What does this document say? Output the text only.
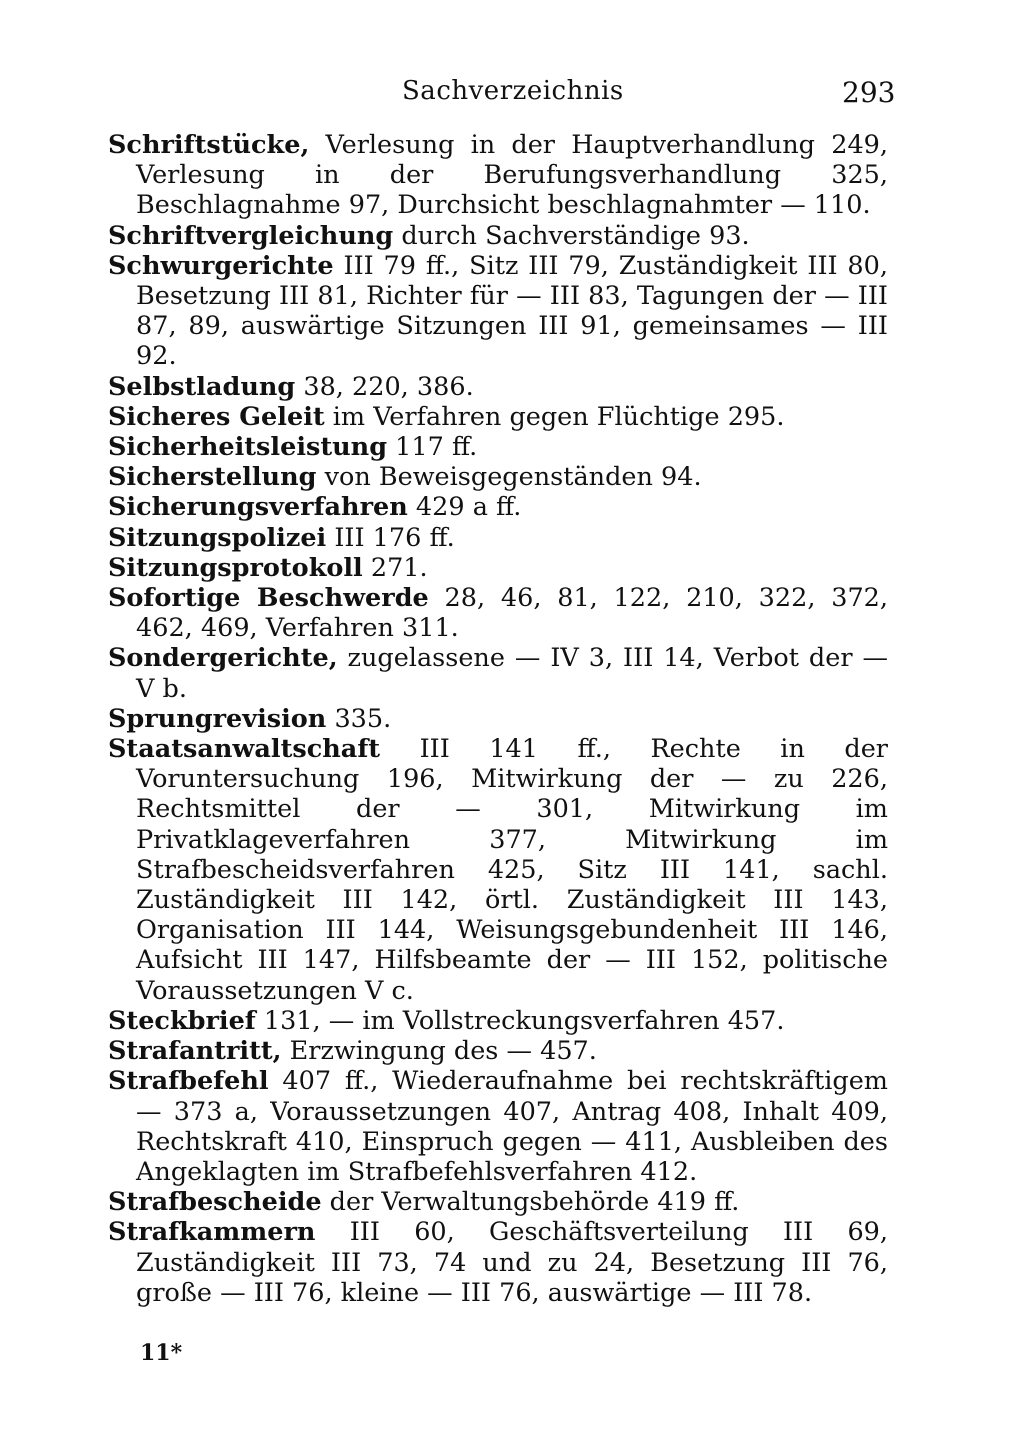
Sachverzeichnis	293
Schriftstücke, Verlesung in der Hauptverhandlung 249, Verlesung in der Berufungsverhandlung 325, Beschlagnahme 97, Durchsicht beschlagnahmter — 110.
Schriftvergleichung durch Sachverständige 93.
Schwurgerichte III 79 ff., Sitz III 79, Zuständigkeit III 80, Besetzung III 81, Richter für — III 83, Tagungen der — III 87, 89, auswärtige Sitzungen III 91, gemeinsames — III 92.
Selbstladung 38, 220, 386.
Sicheres Geleit im Verfahren gegen Flüchtige 295.
Sicherheitsleistung 117 ff.
Sicherstellung von Beweisgegenständen 94.
Sicherungsverfahren 429 a ff.
Sitzungspolizei III 176 ff.
Sitzungsprotokoll 271.
Sofortige Beschwerde 28, 46, 81, 122, 210, 322, 372, 462, 469, Verfahren 311.
Sondergerichte, zugelassene — IV 3, III 14, Verbot der — V b.
Sprungrevision 335.
Staatsanwaltschaft III 141 ff., Rechte in der Voruntersuchung 196, Mitwirkung der — zu 226, Rechtsmittel der — 301, Mitwirkung im Privatklageverfahren 377, Mitwirkung im Strafbescheidsverfahren 425, Sitz III 141, sachl. Zuständigkeit III 142, örtl. Zuständigkeit III 143, Organisation III 144, Weisungsgebundenheit III 146, Aufsicht III 147, Hilfsbeamte der — III 152, politische Voraussetzungen V c.
Steckbrief 131, — im Vollstreckungsverfahren 457.
Strafantritt, Erzwingung des — 457.
Strafbefehl 407 ff., Wiederaufnahme bei rechtskräftigem — 373 a, Voraussetzungen 407, Antrag 408, Inhalt 409, Rechtskraft 410, Einspruch gegen — 411, Ausbleiben des Angeklagten im Strafbefehlsverfahren 412.
Strafbescheide der Verwaltungsbehörde 419 ff.
Strafkammern III 60, Geschäftsverteilung III 69, Zuständigkeit III 73, 74 und zu 24, Besetzung III 76, große — III 76, kleine — III 76, auswärtige — III 78.
11*
